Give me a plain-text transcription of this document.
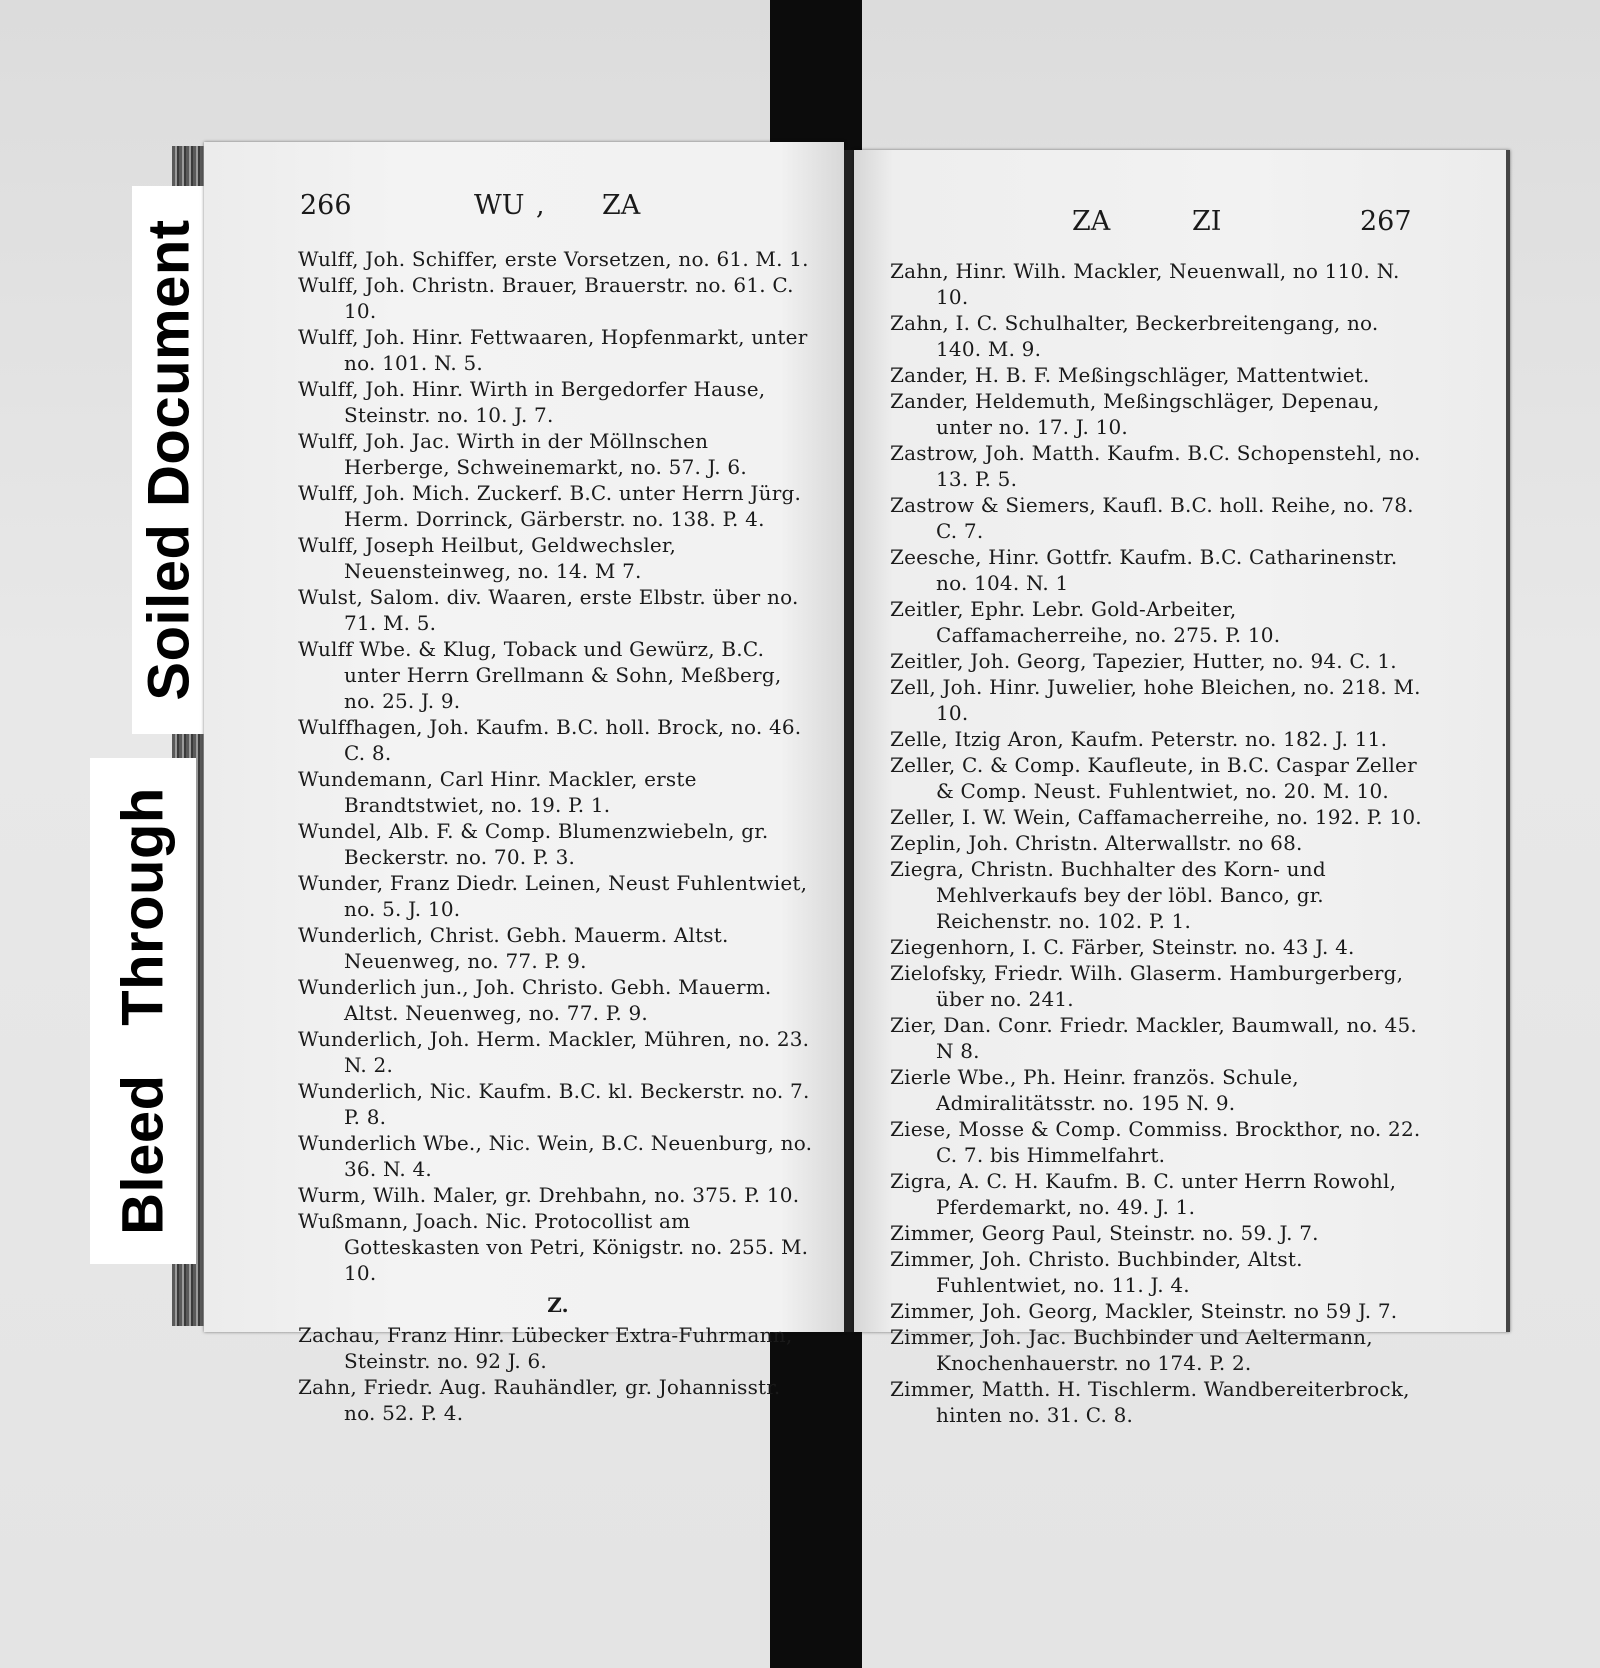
Soiled Document
Bleed Through
266	WU , ZA
Wulff, Joh. Schiffer, erste Vorsetzen, no. 61. M. 1.
Wulff, Joh. Christn. Brauer, Brauerstr. no. 61. C. 10.
Wulff, Joh. Hinr. Fettwaaren, Hopfenmarkt, unter no. 101. N. 5.
Wulff, Joh. Hinr. Wirth in Bergedorfer Hause, Steinstr. no. 10. J. 7.
Wulff, Joh. Jac. Wirth in der Möllnschen Herberge, Schweinemarkt, no. 57. J. 6.
Wulff, Joh. Mich. Zuckerf. B.C. unter Herrn Jürg. Herm. Dorrinck, Gärberstr. no. 138. P. 4.
Wulff, Joseph Heilbut, Geldwechsler, Neuensteinweg, no. 14. M 7.
Wulst, Salom. div. Waaren, erste Elbstr. über no. 71. M. 5.
Wulff Wbe. & Klug, Toback und Gewürz, B.C. unter Herrn Grellmann & Sohn, Meßberg, no. 25. J. 9.
Wulffhagen, Joh. Kaufm. B.C. holl. Brock, no. 46. C. 8.
Wundemann, Carl Hinr. Mackler, erste Brandtstwiet, no. 19. P. 1.
Wundel, Alb. F. & Comp. Blumenzwiebeln, gr. Beckerstr. no. 70. P. 3.
Wunder, Franz Diedr. Leinen, Neust Fuhlentwiet, no. 5. J. 10.
Wunderlich, Christ. Gebh. Mauerm. Altst. Neuenweg, no. 77. P. 9.
Wunderlich jun., Joh. Christo. Gebh. Mauerm. Altst. Neuenweg, no. 77. P. 9.
Wunderlich, Joh. Herm. Mackler, Mühren, no. 23. N. 2.
Wunderlich, Nic. Kaufm. B.C. kl. Beckerstr. no. 7. P. 8.
Wunderlich Wbe., Nic. Wein, B.C. Neuenburg, no. 36. N. 4.
Wurm, Wilh. Maler, gr. Drehbahn, no. 375. P. 10.
Wußmann, Joach. Nic. Protocollist am Gotteskasten von Petri, Königstr. no. 255. M. 10.
Z.
Zachau, Franz Hinr. Lübecker Extra-Fuhrmann, Steinstr. no. 92 J. 6.
Zahn, Friedr. Aug. Rauhändler, gr. Johannisstr. no. 52. P. 4.
ZA	ZI	267
Zahn, Hinr. Wilh. Mackler, Neuenwall, no 110. N. 10.
Zahn, I. C. Schulhalter, Beckerbreitengang, no. 140. M. 9.
Zander, H. B. F. Meßingschläger, Mattentwiet.
Zander, Heldemuth, Meßingschläger, Depenau, unter no. 17. J. 10.
Zastrow, Joh. Matth. Kaufm. B.C. Schopenstehl, no. 13. P. 5.
Zastrow & Siemers, Kaufl. B.C. holl. Reihe, no. 78. C. 7.
Zeesche, Hinr. Gottfr. Kaufm. B.C. Catharinenstr. no. 104. N. 1
Zeitler, Ephr. Lebr. Gold-Arbeiter, Caffamacherreihe, no. 275. P. 10.
Zeitler, Joh. Georg, Tapezier, Hutter, no. 94. C. 1.
Zell, Joh. Hinr. Juwelier, hohe Bleichen, no. 218. M. 10.
Zelle, Itzig Aron, Kaufm. Peterstr. no. 182. J. 11.
Zeller, C. & Comp. Kaufleute, in B.C. Caspar Zeller & Comp. Neust. Fuhlentwiet, no. 20. M. 10.
Zeller, I. W. Wein, Caffamacherreihe, no. 192. P. 10.
Zeplin, Joh. Christn. Alterwallstr. no 68.
Ziegra, Christn. Buchhalter des Korn- und Mehlverkaufs bey der löbl. Banco, gr. Reichenstr. no. 102. P. 1.
Ziegenhorn, I. C. Färber, Steinstr. no. 43 J. 4.
Zielofsky, Friedr. Wilh. Glaserm. Hamburgerberg, über no. 241.
Zier, Dan. Conr. Friedr. Mackler, Baumwall, no. 45. N 8.
Zierle Wbe., Ph. Heinr. französ. Schule, Admiralitätsstr. no. 195 N. 9.
Ziese, Mosse & Comp. Commiss. Brockthor, no. 22. C. 7. bis Himmelfahrt.
Zigra, A. C. H. Kaufm. B. C. unter Herrn Rowohl, Pferdemarkt, no. 49. J. 1.
Zimmer, Georg Paul, Steinstr. no. 59. J. 7.
Zimmer, Joh. Christo. Buchbinder, Altst. Fuhlentwiet, no. 11. J. 4.
Zimmer, Joh. Georg, Mackler, Steinstr. no 59 J. 7.
Zimmer, Joh. Jac. Buchbinder und Aeltermann, Knochenhauerstr. no 174. P. 2.
Zimmer, Matth. H. Tischlerm. Wandbereiterbrock, hinten no. 31. C. 8.
